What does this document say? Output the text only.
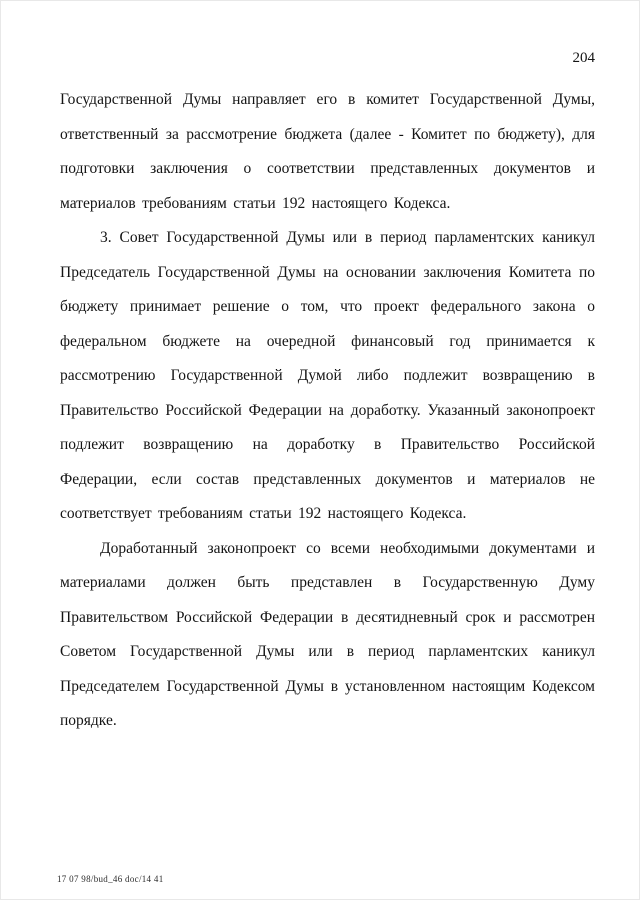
204

Государственной Думы направляет его в комитет Государственной Думы, ответственный за рассмотрение бюджета (далее - Комитет по бюджету), для подготовки заключения о соответствии представленных документов и материалов требованиям статьи 192 настоящего Кодекса.

3. Совет Государственной Думы или в период парламентских каникул Председатель Государственной Думы на основании заключения Комитета по бюджету принимает решение о том, что проект федерального закона о федеральном бюджете на очередной финансовый год принимается к рассмотрению Государственной Думой либо подлежит возвращению в Правительство Российской Федерации на доработку. Указанный законопроект подлежит возвращению на доработку в Правительство Российской Федерации, если состав представленных документов и материалов не соответствует требованиям статьи 192 настоящего Кодекса.

Доработанный законопроект со всеми необходимыми документами и материалами должен быть представлен в Государственную Думу Правительством Российской Федерации в десятидневный срок и рассмотрен Советом Государственной Думы или в период парламентских каникул Председателем Государственной Думы в установленном настоящим Кодексом порядке.

17 07 98/bud_46 doc/14 41
